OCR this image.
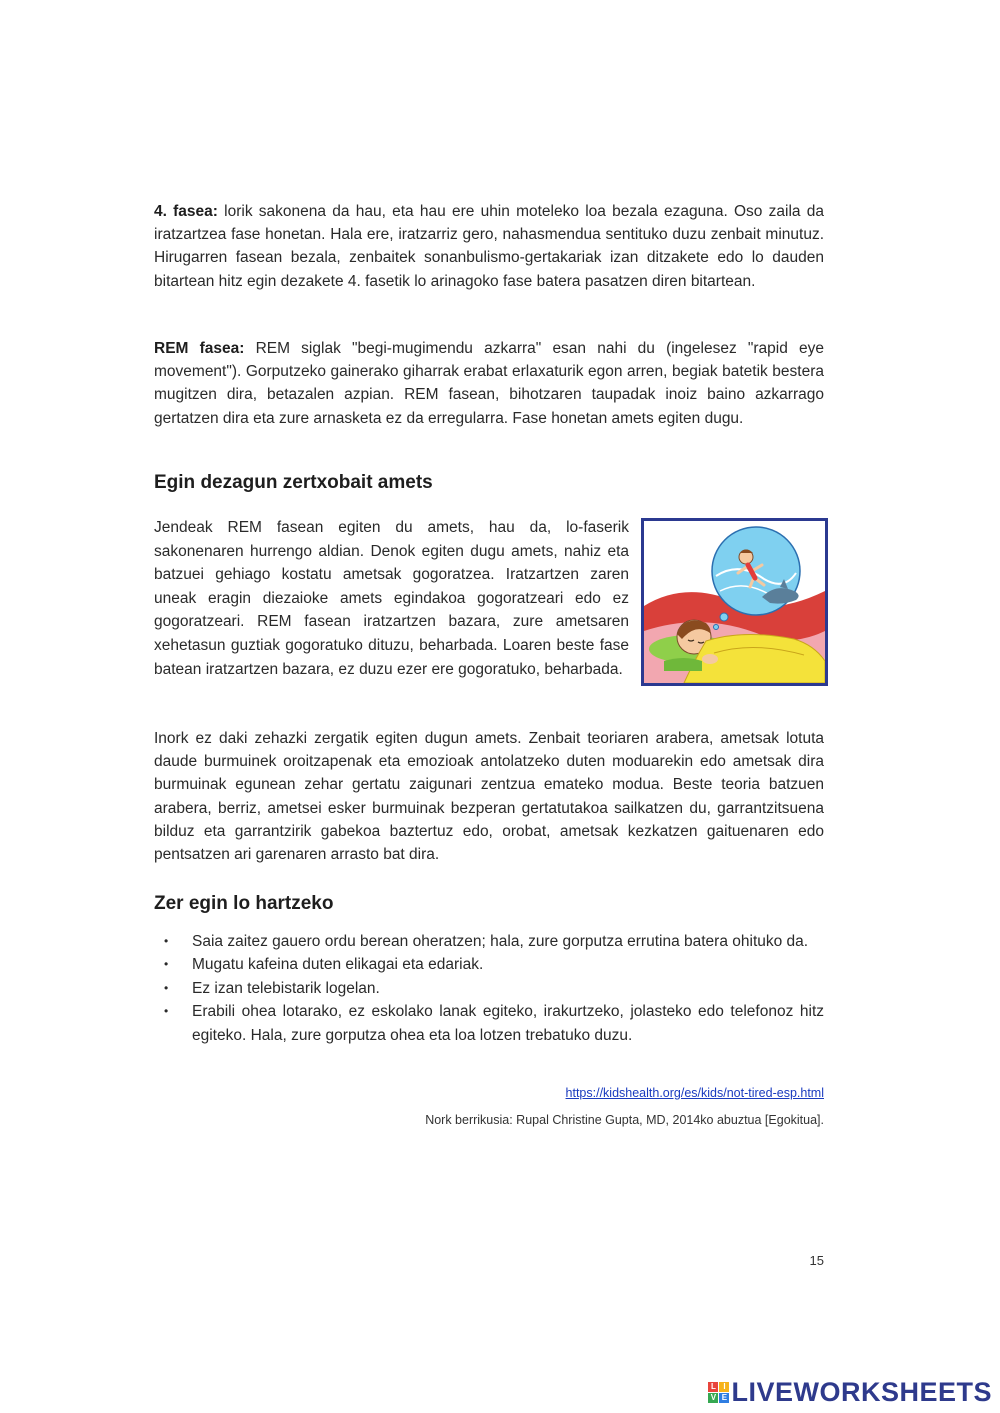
4. fasea: lorik sakonena da hau, eta hau ere uhin moteleko loa bezala ezaguna. Oso zaila da iratzartzea fase honetan. Hala ere, iratzarriz gero, nahasmendua sentituko duzu zenbait minutuz. Hirugarren fasean bezala, zenbaitek sonanbulismo-gertakariak izan ditzakete edo lo dauden bitartean hitz egin dezakete 4. fasetik lo arinagoko fase batera pasatzen diren bitartean.

REM fasea: REM siglak "begi-mugimendu azkarra" esan nahi du (ingelesez "rapid eye movement"). Gorputzeko gainerako giharrak erabat erlaxaturik egon arren, begiak batetik bestera mugitzen dira, betazalen azpian. REM fasean, bihotzaren taupadak inoiz baino azkarrago gertatzen dira eta zure arnasketa ez da erregularra. Fase honetan amets egiten dugu.

Egin dezagun zertxobait amets

Jendeak REM fasean egiten du amets, hau da, lo-faserik sakonenaren hurrengo aldian. Denok egiten dugu amets, nahiz eta batzuei gehiago kostatu ametsak gogoratzea. Iratzartzen zaren uneak eragin diezaioke amets egindakoa gogoratzeari edo ez gogoratzeari. REM fasean iratzartzen bazara, zure ametsaren xehetasun guztiak gogoratuko dituzu, beharbada. Loaren beste fase batean iratzartzen bazara, ez duzu ezer ere gogoratuko, beharbada.

Inork ez daki zehazki zergatik egiten dugun amets. Zenbait teoriaren arabera, ametsak lotuta daude burmuinek oroitzapenak eta emozioak antolatzeko duten moduarekin edo ametsak dira burmuinak egunean zehar gertatu zaigunari zentzua emateko modua. Beste teoria batzuen arabera, berriz, ametsei esker burmuinak bezperan gertatutakoa sailkatzen du, garrantzitsuena bilduz eta garrantzirik gabekoa baztertuz edo, orobat, ametsak kezkatzen gaituenaren edo pentsatzen ari garenaren arrasto bat dira.

Zer egin lo hartzeko
• Saia zaitez gauero ordu berean oheratzen; hala, zure gorputza errutina batera ohituko da.
• Mugatu kafeina duten elikagai eta edariak.
• Ez izan telebistarik logelan.
• Erabili ohea lotarako, ez eskolako lanak egiteko, irakurtzeko, jolasteko edo telefonoz hitz egiteko. Hala, zure gorputza ohea eta loa lotzen trebatuko duzu.
https://kidshealth.org/es/kids/not-tired-esp.html
Nork berrikusia: Rupal Christine Gupta, MD, 2014ko abuztua [Egokitua].
15
L I
V E LIVEWORKSHEETS
